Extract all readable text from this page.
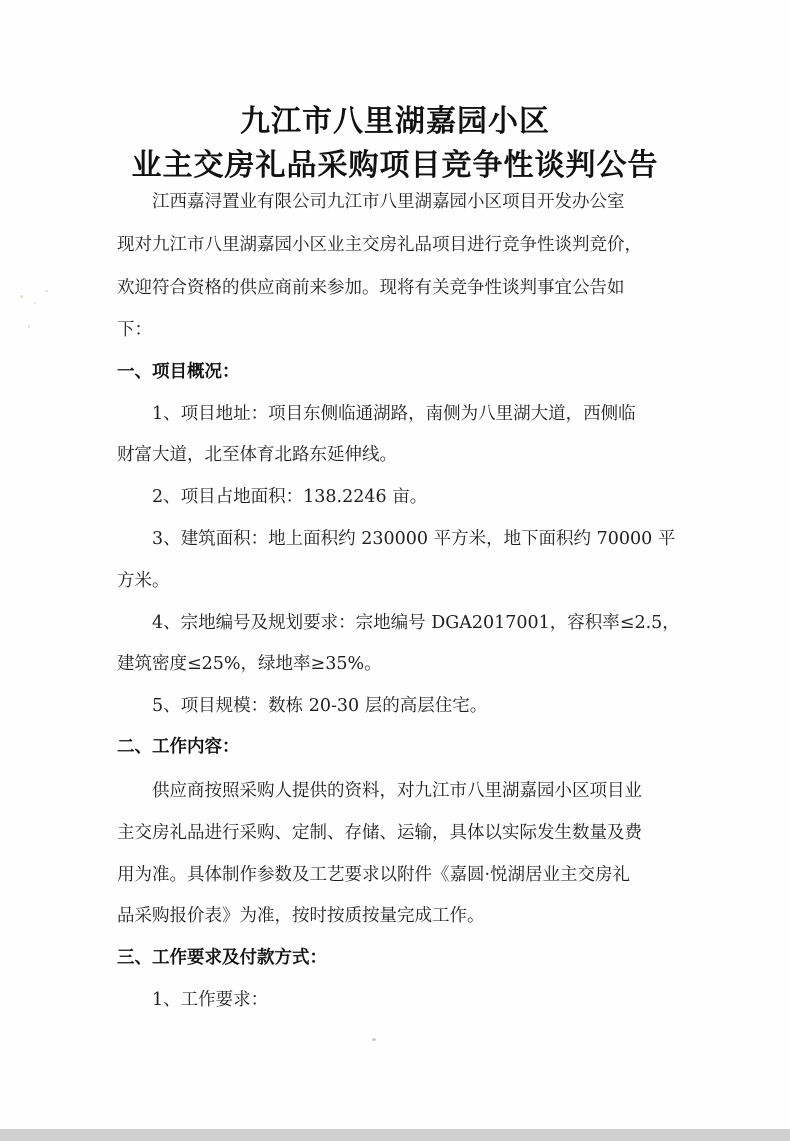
九江市八里湖嘉园小区
业主交房礼品采购项目竞争性谈判公告
江西嘉浔置业有限公司九江市八里湖嘉园小区项目开发办公室
现对九江市八里湖嘉园小区业主交房礼品项目进行竞争性谈判竞价，
欢迎符合资格的供应商前来参加。现将有关竞争性谈判事宜公告如
下：
一、项目概况：
1、项目地址：项目东侧临通湖路，南侧为八里湖大道，西侧临
财富大道，北至体育北路东延伸线。
2、项目占地面积：138.2246 亩。
3、建筑面积：地上面积约 230000 平方米，地下面积约 70000 平
方米。
4、宗地编号及规划要求：宗地编号 DGA2017001，容积率≤2.5，
建筑密度≤25%，绿地率≥35%。
5、项目规模：数栋 20-30 层的高层住宅。
二、工作内容：
供应商按照采购人提供的资料，对九江市八里湖嘉园小区项目业
主交房礼品进行采购、定制、存储、运输，具体以实际发生数量及费
用为准。具体制作参数及工艺要求以附件《嘉圆·悦湖居业主交房礼
品采购报价表》为准，按时按质按量完成工作。
三、工作要求及付款方式：
1、工作要求：
